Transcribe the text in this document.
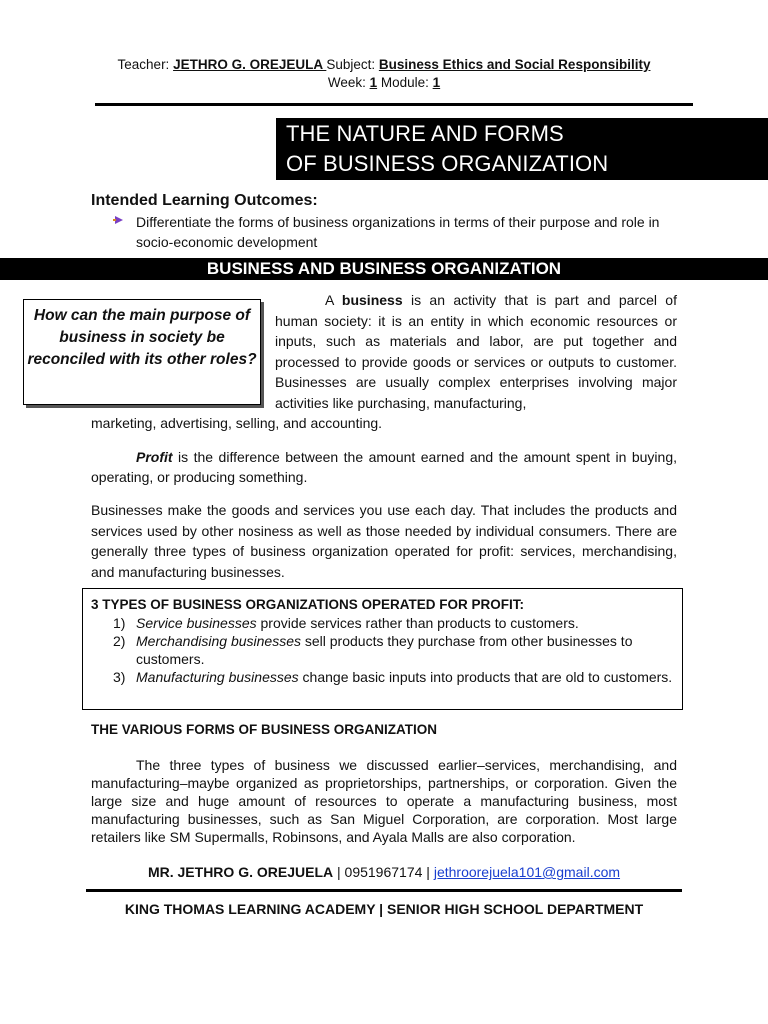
Teacher: JETHRO G. OREJEULA Subject: Business Ethics and Social Responsibility
Week: 1 Module: 1
THE NATURE AND FORMS
OF BUSINESS ORGANIZATION
Intended Learning Outcomes:
Differentiate the forms of business organizations in terms of their purpose and role in socio-economic development
BUSINESS AND BUSINESS ORGANIZATION
How can the main purpose of business in society be reconciled with its other roles?
A business is an activity that is part and parcel of human society: it is an entity in which economic resources or inputs, such as materials and labor, are put together and processed to provide goods or services or outputs to customer. Businesses are usually complex enterprises involving major activities like purchasing, manufacturing,
marketing, advertising, selling, and accounting.
Profit is the difference between the amount earned and the amount spent in buying, operating, or producing something.
Businesses make the goods and services you use each day. That includes the products and services used by other nosiness as well as those needed by individual consumers. There are generally three types of business organization operated for profit: services, merchandising, and manufacturing businesses.
3 TYPES OF BUSINESS ORGANIZATIONS OPERATED FOR PROFIT:
1) Service businesses provide services rather than products to customers.
2) Merchandising businesses sell products they purchase from other businesses to customers.
3) Manufacturing businesses change basic inputs into products that are old to customers.
THE VARIOUS FORMS OF BUSINESS ORGANIZATION
The three types of business we discussed earlier–services, merchandising, and manufacturing–maybe organized as proprietorships, partnerships, or corporation. Given the large size and huge amount of resources to operate a manufacturing business, most manufacturing businesses, such as San Miguel Corporation, are corporation. Most large retailers like SM Supermalls, Robinsons, and Ayala Malls are also corporation.
MR. JETHRO G. OREJUELA | 0951967174 | jethroorejuela101@gmail.com
KING THOMAS LEARNING ACADEMY | SENIOR HIGH SCHOOL DEPARTMENT
